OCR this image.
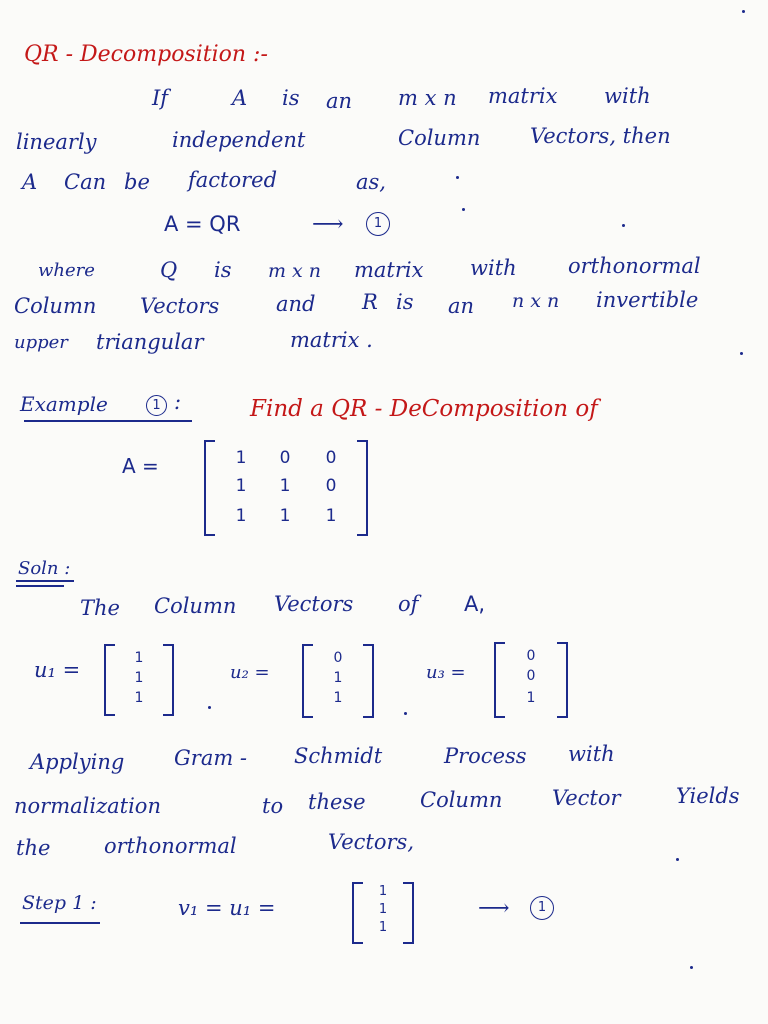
QR - Decomposition :-
If	A is an m x n matrix with
linearly	independent	Column Vectors, then
A Can be factored	as,
A = QR	⟶	1
where	Q is m x n matrix with orthonormal
Column Vectors	and R is an n x n invertible
upper triangular	matrix .
Example	1 :	Find a QR - DeComposition of
A =	1 0 0
1 1 0
1 1 1
Soln :
The Column Vectors of A,
u₁ =	1
1
1
u₂ =
0
1
1
u₃ =
0
0
1
Applying Gram - Schmidt	Process with
normalization	to these	Column Vector	Yields
the	orthonormal	Vectors,
Step 1 :	v₁ = u₁ =
1
1
1
⟶	1
